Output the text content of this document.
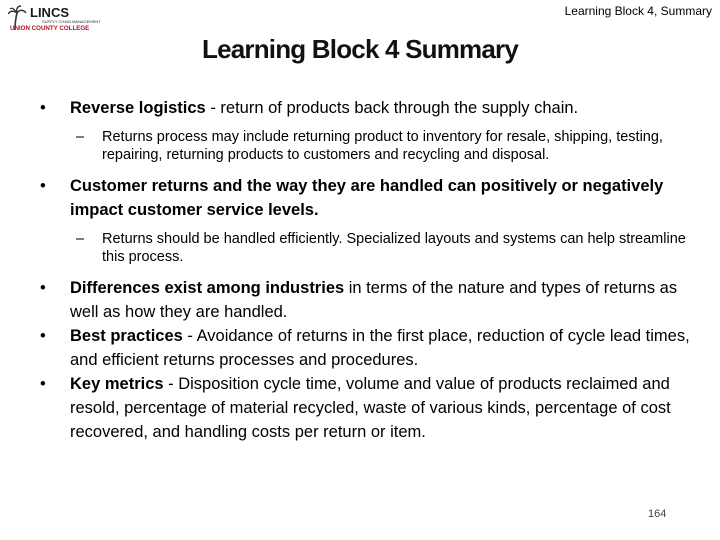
LINCS
SUPPLY CHAIN MANAGEMENT
UNION COUNTY COLLEGE
Learning Block 4, Summary
Learning Block 4 Summary
•	Reverse logistics - return of products back through the supply chain.
– Returns process may include returning product to inventory for resale, shipping, testing, repairing, returning products to customers and recycling and disposal.
•	Customer returns and the way they are handled can positively or negatively impact customer service levels.
– Returns should be handled efficiently. Specialized layouts and systems can help streamline this process.
•	Differences exist among industries in terms of the nature and types of returns as well as how they are handled.
•	Best practices - Avoidance of returns in the first place, reduction of cycle lead times, and efficient returns processes and procedures.
•	Key metrics - Disposition cycle time, volume and value of products reclaimed and resold, percentage of material recycled, waste of various kinds, percentage of cost recovered, and handling costs per return or item.
164
